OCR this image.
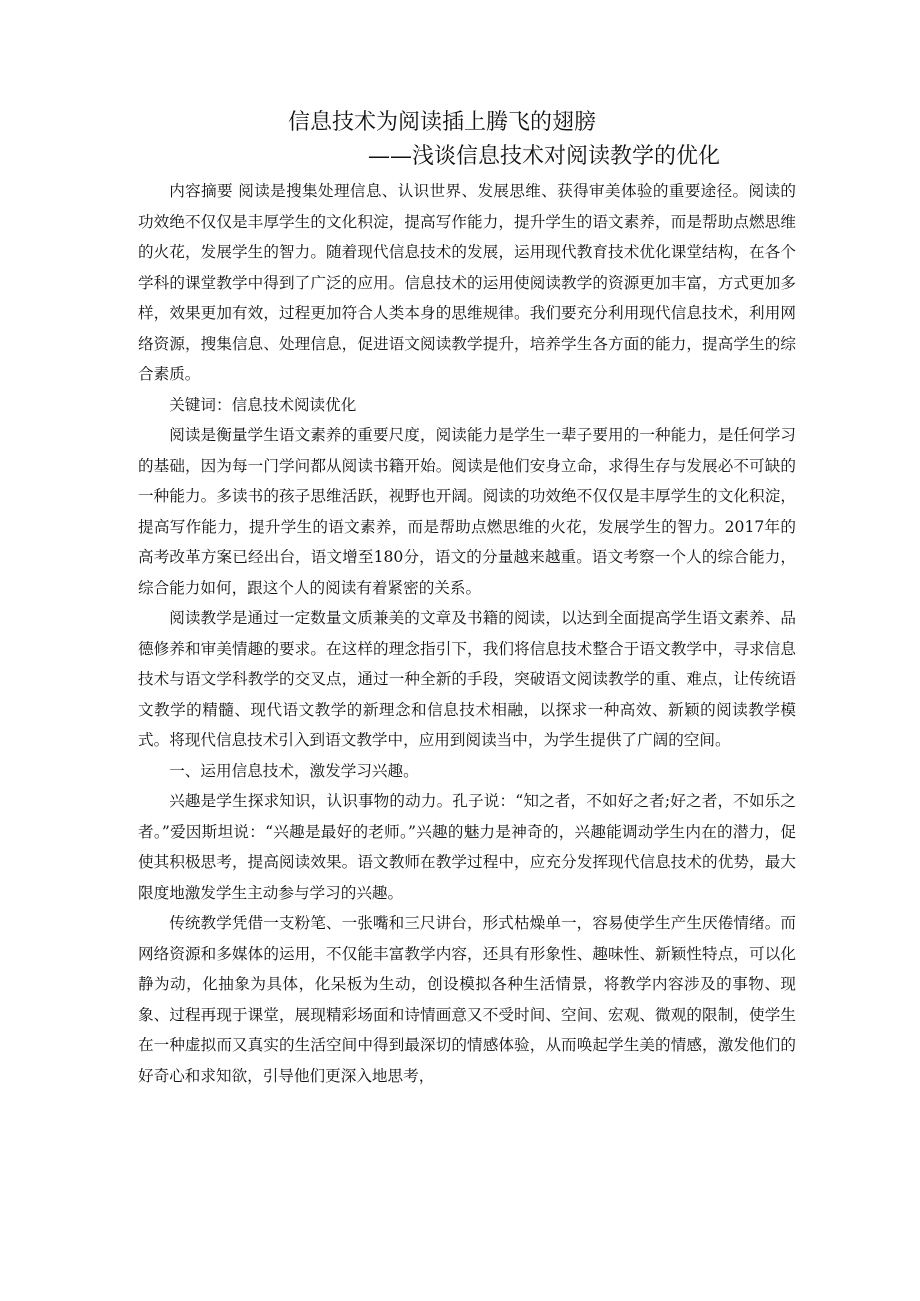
信息技术为阅读插上腾飞的翅膀
——浅谈信息技术对阅读教学的优化

内容摘要 阅读是搜集处理信息、认识世界、发展思维、获得审美体验的重要途径。阅读的功效绝不仅仅是丰厚学生的文化积淀，提高写作能力，提升学生的语文素养，而是帮助点燃思维的火花，发展学生的智力。随着现代信息技术的发展，运用现代教育技术优化课堂结构，在各个学科的课堂教学中得到了广泛的应用。信息技术的运用使阅读教学的资源更加丰富，方式更加多样，效果更加有效，过程更加符合人类本身的思维规律。我们要充分利用现代信息技术，利用网络资源，搜集信息、处理信息，促进语文阅读教学提升，培养学生各方面的能力，提高学生的综合素质。

关键词：信息技术阅读优化

阅读是衡量学生语文素养的重要尺度，阅读能力是学生一辈子要用的一种能力，是任何学习的基础，因为每一门学问都从阅读书籍开始。阅读是他们安身立命，求得生存与发展必不可缺的一种能力。多读书的孩子思维活跃，视野也开阔。阅读的功效绝不仅仅是丰厚学生的文化积淀，提高写作能力，提升学生的语文素养，而是帮助点燃思维的火花，发展学生的智力。2017年的高考改革方案已经出台，语文增至180分，语文的分量越来越重。语文考察一个人的综合能力，综合能力如何，跟这个人的阅读有着紧密的关系。

阅读教学是通过一定数量文质兼美的文章及书籍的阅读，以达到全面提高学生语文素养、品德修养和审美情趣的要求。在这样的理念指引下，我们将信息技术整合于语文教学中，寻求信息技术与语文学科教学的交叉点，通过一种全新的手段，突破语文阅读教学的重、难点，让传统语文教学的精髓、现代语文教学的新理念和信息技术相融，以探求一种高效、新颖的阅读教学模式。将现代信息技术引入到语文教学中，应用到阅读当中，为学生提供了广阔的空间。

一、运用信息技术，激发学习兴趣。

兴趣是学生探求知识，认识事物的动力。孔子说：“知之者，不如好之者;好之者，不如乐之者。”爱因斯坦说：“兴趣是最好的老师。”兴趣的魅力是神奇的，兴趣能调动学生内在的潜力，促使其积极思考，提高阅读效果。语文教师在教学过程中，应充分发挥现代信息技术的优势，最大限度地激发学生主动参与学习的兴趣。

传统教学凭借一支粉笔、一张嘴和三尺讲台，形式枯燥单一，容易使学生产生厌倦情绪。而网络资源和多媒体的运用，不仅能丰富教学内容，还具有形象性、趣味性、新颖性特点，可以化静为动，化抽象为具体，化呆板为生动，创设模拟各种生活情景，将教学内容涉及的事物、现象、过程再现于课堂，展现精彩场面和诗情画意又不受时间、空间、宏观、微观的限制，使学生在一种虚拟而又真实的生活空间中得到最深切的情感体验，从而唤起学生美的情感，激发他们的好奇心和求知欲，引导他们更深入地思考，
